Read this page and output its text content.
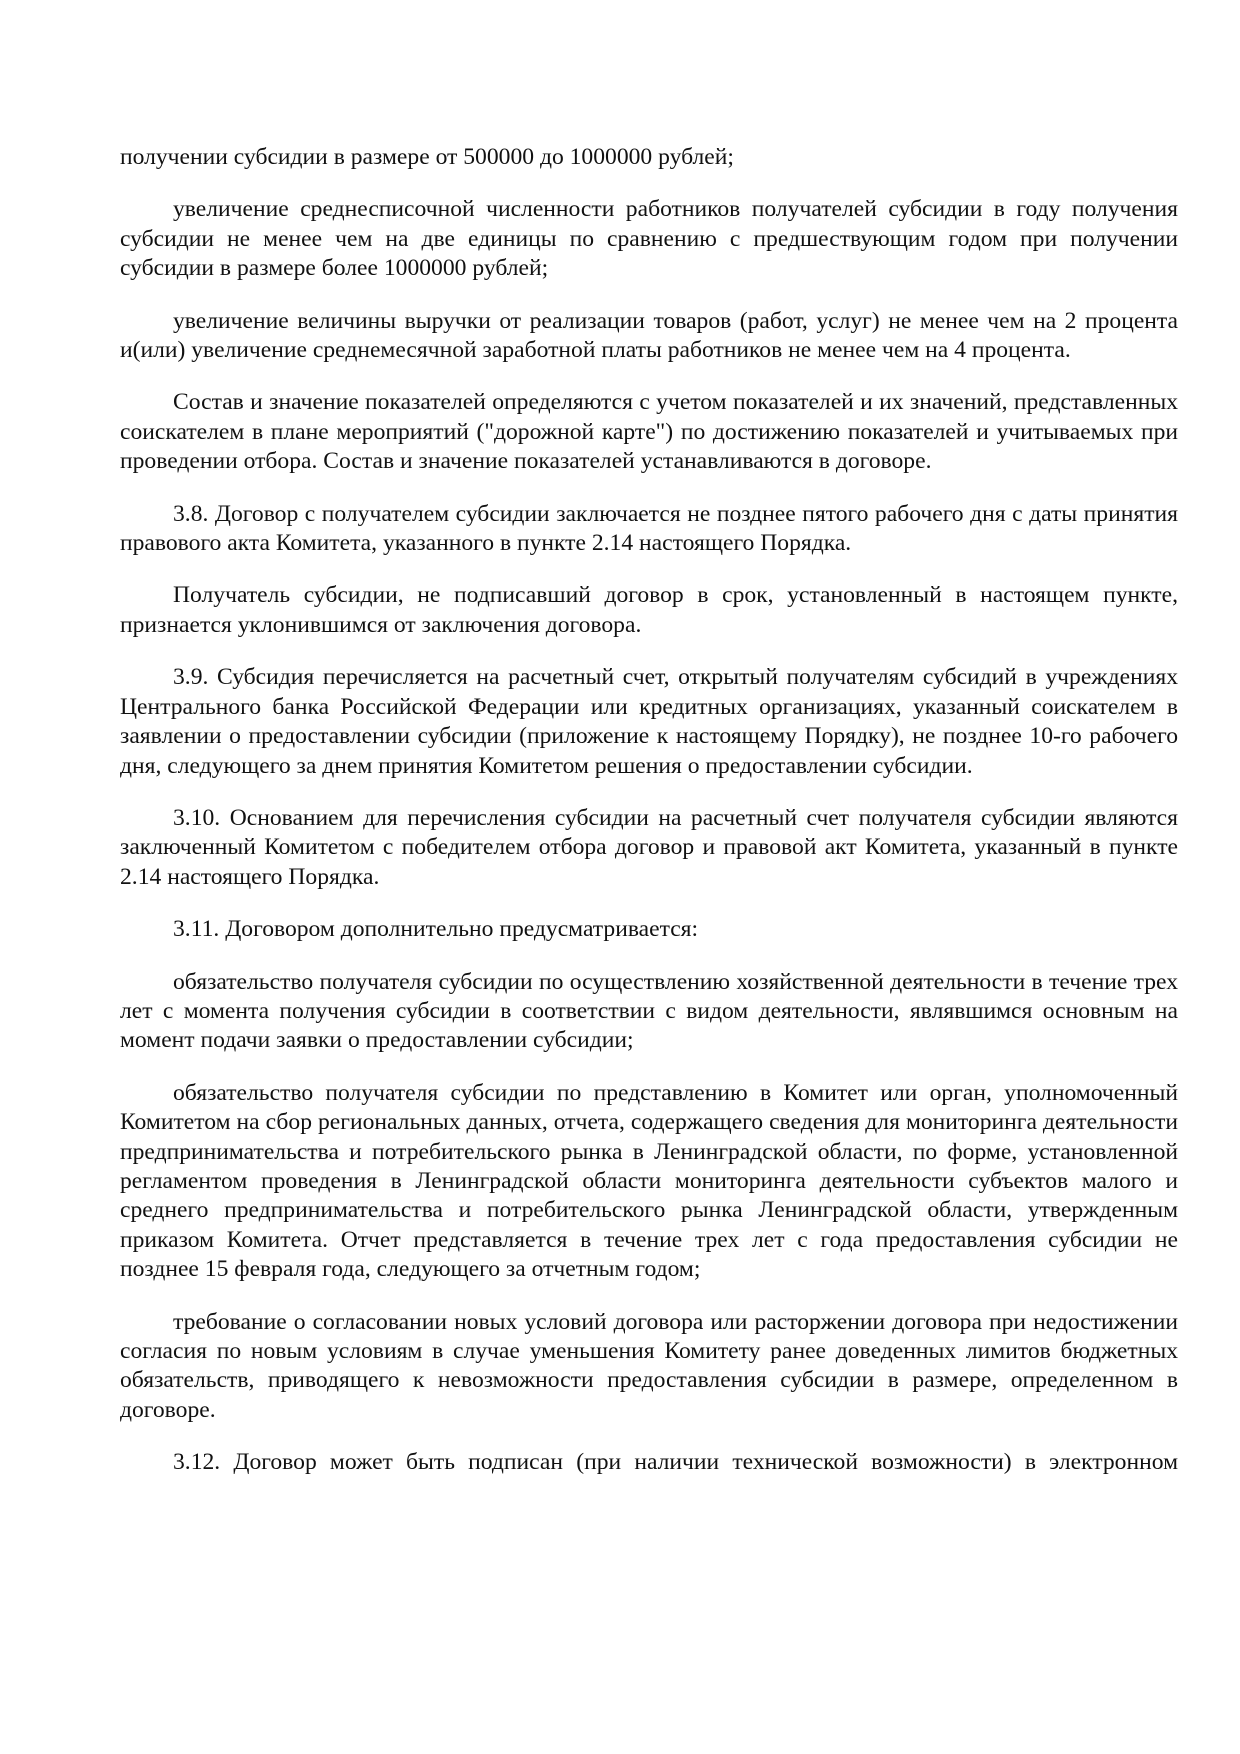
получении субсидии в размере от 500000 до 1000000 рублей;

увеличение среднесписочной численности работников получателей субсидии в году получения субсидии не менее чем на две единицы по сравнению с предшествующим годом при получении субсидии в размере более 1000000 рублей;

увеличение величины выручки от реализации товаров (работ, услуг) не менее чем на 2 процента и(или) увеличение среднемесячной заработной платы работников не менее чем на 4 процента.

Состав и значение показателей определяются с учетом показателей и их значений, представленных соискателем в плане мероприятий ("дорожной карте") по достижению показателей и учитываемых при проведении отбора. Состав и значение показателей устанавливаются в договоре.

3.8. Договор с получателем субсидии заключается не позднее пятого рабочего дня с даты принятия правового акта Комитета, указанного в пункте 2.14 настоящего Порядка.

Получатель субсидии, не подписавший договор в срок, установленный в настоящем пункте, признается уклонившимся от заключения договора.

3.9. Субсидия перечисляется на расчетный счет, открытый получателям субсидий в учреждениях Центрального банка Российской Федерации или кредитных организациях, указанный соискателем в заявлении о предоставлении субсидии (приложение к настоящему Порядку), не позднее 10-го рабочего дня, следующего за днем принятия Комитетом решения о предоставлении субсидии.

3.10. Основанием для перечисления субсидии на расчетный счет получателя субсидии являются заключенный Комитетом с победителем отбора договор и правовой акт Комитета, указанный в пункте 2.14 настоящего Порядка.

3.11. Договором дополнительно предусматривается:

обязательство получателя субсидии по осуществлению хозяйственной деятельности в течение трех лет с момента получения субсидии в соответствии с видом деятельности, являвшимся основным на момент подачи заявки о предоставлении субсидии;

обязательство получателя субсидии по представлению в Комитет или орган, уполномоченный Комитетом на сбор региональных данных, отчета, содержащего сведения для мониторинга деятельности предпринимательства и потребительского рынка в Ленинградской области, по форме, установленной регламентом проведения в Ленинградской области мониторинга деятельности субъектов малого и среднего предпринимательства и потребительского рынка Ленинградской области, утвержденным приказом Комитета. Отчет представляется в течение трех лет с года предоставления субсидии не позднее 15 февраля года, следующего за отчетным годом;

требование о согласовании новых условий договора или расторжении договора при недостижении согласия по новым условиям в случае уменьшения Комитету ранее доведенных лимитов бюджетных обязательств, приводящего к невозможности предоставления субсидии в размере, определенном в договоре.

3.12. Договор может быть подписан (при наличии технической возможности) в электронном
